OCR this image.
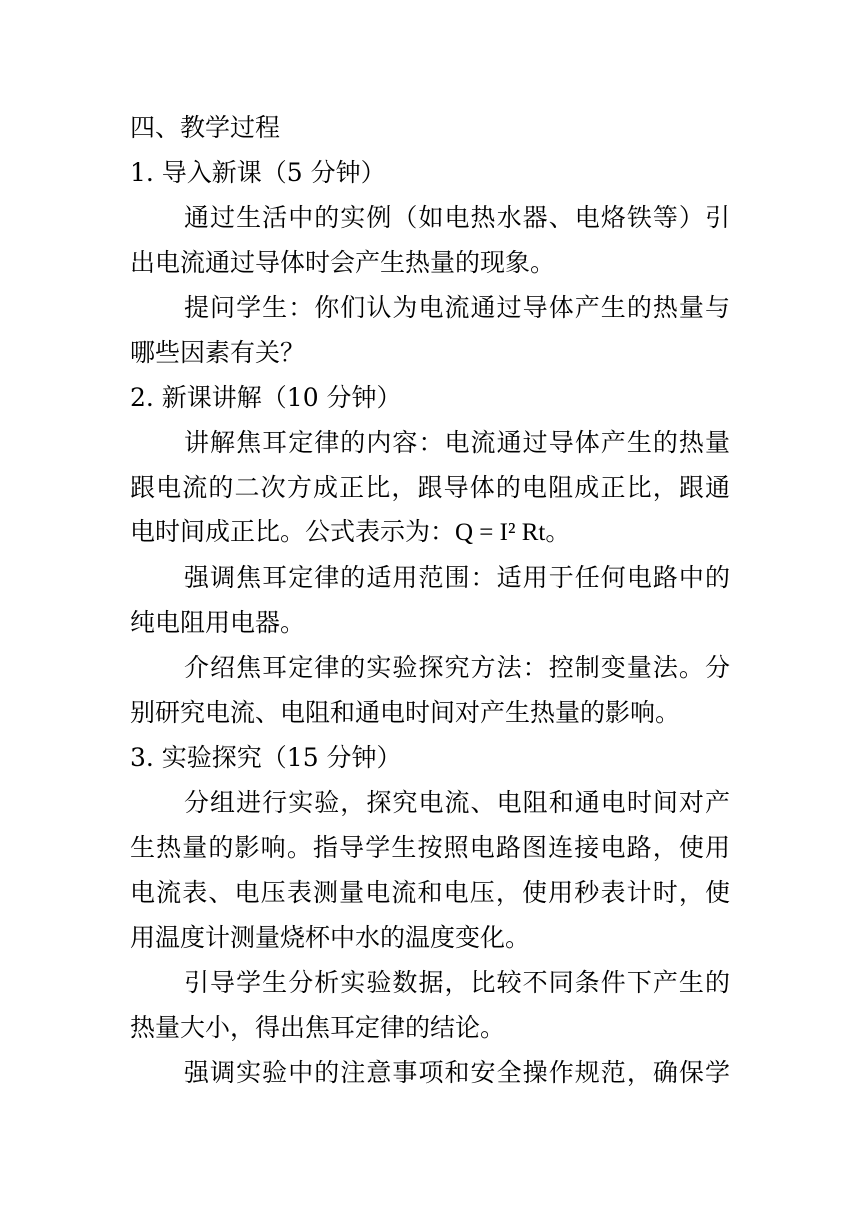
四、教学过程
1. 导入新课（5 分钟）
通过生活中的实例（如电热水器、电烙铁等）引
出电流通过导体时会产生热量的现象。
提问学生：你们认为电流通过导体产生的热量与
哪些因素有关？
2. 新课讲解（10 分钟）
讲解焦耳定律的内容：电流通过导体产生的热量
跟电流的二次方成正比，跟导体的电阻成正比，跟通
电时间成正比。公式表示为：Q = I² Rt。
强调焦耳定律的适用范围：适用于任何电路中的
纯电阻用电器。
介绍焦耳定律的实验探究方法：控制变量法。分
别研究电流、电阻和通电时间对产生热量的影响。
3. 实验探究（15 分钟）
分组进行实验，探究电流、电阻和通电时间对产
生热量的影响。指导学生按照电路图连接电路，使用
电流表、电压表测量电流和电压，使用秒表计时，使
用温度计测量烧杯中水的温度变化。
引导学生分析实验数据，比较不同条件下产生的
热量大小，得出焦耳定律的结论。
强调实验中的注意事项和安全操作规范，确保学
